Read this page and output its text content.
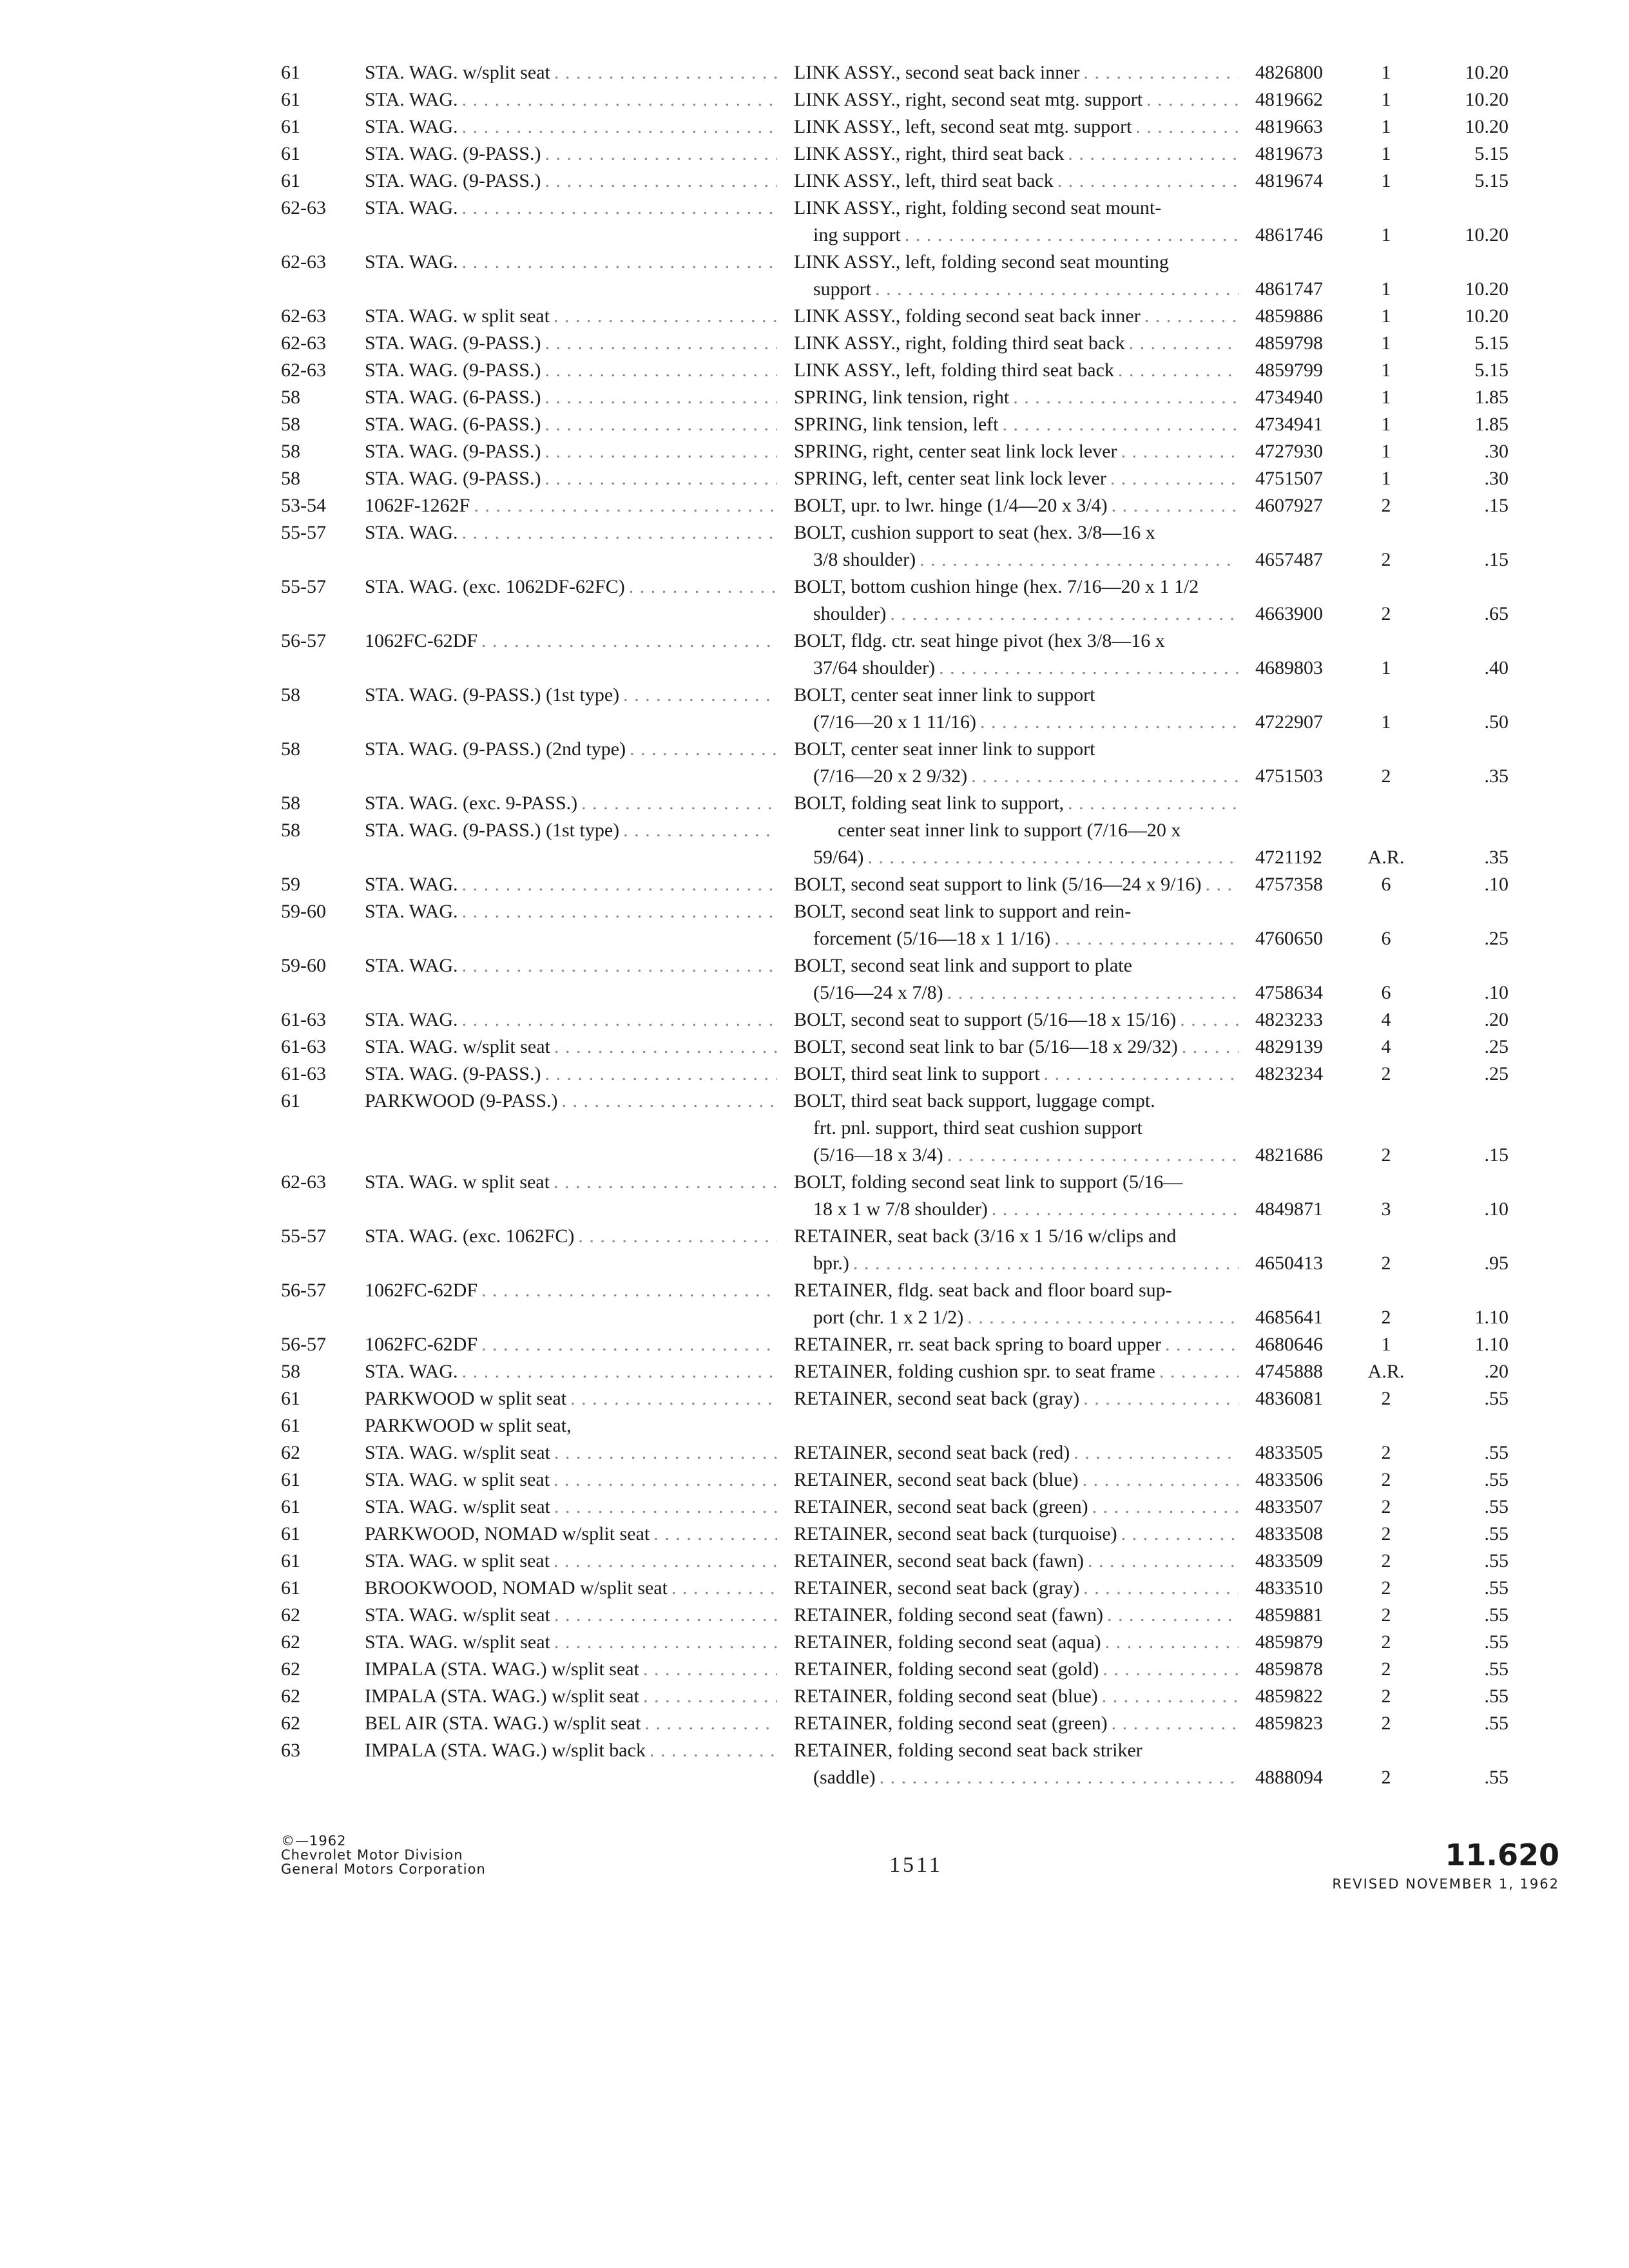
61	STA. WAG. w/split seat . . .	LINK ASSY., second seat back inner . . .	4826800	1	10.20
61	STA. WAG. . . .	LINK ASSY., right, second seat mtg. support . . .	4819662	1	10.20
61	STA. WAG. . . .	LINK ASSY., left, second seat mtg. support . . .	4819663	1	10.20
61	STA. WAG. (9-PASS.) . . .	LINK ASSY., right, third seat back . . .	4819673	1	5.15
61	STA. WAG. (9-PASS.) . . .	LINK ASSY., left, third seat back . . .	4819674	1	5.15
62-63	STA. WAG. . . .	LINK ASSY., right, folding second seat mount-
ing support . . .	4861746	1	10.20
62-63	STA. WAG. . . .	LINK ASSY., left, folding second seat mounting
support . . .	4861747	1	10.20
62-63	STA. WAG. w split seat . . .	LINK ASSY., folding second seat back inner . . .	4859886	1	10.20
62-63	STA. WAG. (9-PASS.) . . .	LINK ASSY., right, folding third seat back . . .	4859798	1	5.15
62-63	STA. WAG. (9-PASS.) . . .	LINK ASSY., left, folding third seat back . . .	4859799	1	5.15
58	STA. WAG. (6-PASS.) . . .	SPRING, link tension, right . . .	4734940	1	1.85
58	STA. WAG. (6-PASS.) . . .	SPRING, link tension, left . . .	4734941	1	1.85
58	STA. WAG. (9-PASS.) . . .	SPRING, right, center seat link lock lever . . .	4727930	1	.30
58	STA. WAG. (9-PASS.) . . .	SPRING, left, center seat link lock lever . . .	4751507	1	.30
53-54	1062F-1262F . . .	BOLT, upr. to lwr. hinge (1/4—20 x 3/4) . . .	4607927	2	.15
55-57	STA. WAG. . . .	BOLT, cushion support to seat (hex. 3/8—16 x
3/8 shoulder) . . .	4657487	2	.15
55-57	STA. WAG. (exc. 1062DF-62FC) . . .	BOLT, bottom cushion hinge (hex. 7/16—20 x 1 1/2
shoulder) . . .	4663900	2	.65
56-57	1062FC-62DF . . .	BOLT, fldg. ctr. seat hinge pivot (hex 3/8—16 x
37/64 shoulder) . . .	4689803	1	.40
58	STA. WAG. (9-PASS.) (1st type) . . .	BOLT, center seat inner link to support
(7/16—20 x 1 11/16) . . .	4722907	1	.50
58	STA. WAG. (9-PASS.) (2nd type) . . .	BOLT, center seat inner link to support
(7/16—20 x 2 9/32) . . .	4751503	2	.35
58	STA. WAG. (exc. 9-PASS.) . . .	BOLT, folding seat link to support,
. . .
58	STA. WAG. (9-PASS.) (1st type) . . .	center seat inner link to support (7/16—20 x
59/64) . . .	4721192	A.R.	.35
59	STA. WAG. . . .	BOLT, second seat support to link (5/16—24 x 9/16) . . .	4757358	6	.10
59-60	STA. WAG. . . .	BOLT, second seat link to support and rein-
forcement (5/16—18 x 1 1/16) . . .	4760650	6	.25
59-60	STA. WAG. . . .	BOLT, second seat link and support to plate
(5/16—24 x 7/8) . . .	4758634	6	.10
61-63	STA. WAG. . . .	BOLT, second seat to support (5/16—18 x 15/16) . . .	4823233	4	.20
61-63	STA. WAG. w/split seat . . .	BOLT, second seat link to bar (5/16—18 x 29/32) . . .	4829139	4	.25
61-63	STA. WAG. (9-PASS.) . . .	BOLT, third seat link to support . . .	4823234	2	.25
61	PARKWOOD (9-PASS.) . . .	BOLT, third seat back support, luggage compt.
frt. pnl. support, third seat cushion support
(5/16—18 x 3/4) . . .	4821686	2	.15
62-63	STA. WAG. w split seat . . .	BOLT, folding second seat link to support (5/16—
18 x 1 w 7/8 shoulder) . . .	4849871	3	.10
55-57	STA. WAG. (exc. 1062FC) . . .	RETAINER, seat back (3/16 x 1 5/16 w/clips and
bpr.) . . .	4650413	2	.95
56-57	1062FC-62DF . . .	RETAINER, fldg. seat back and floor board sup-
port (chr. 1 x 2 1/2) . . .	4685641	2	1.10
56-57	1062FC-62DF . . .	RETAINER, rr. seat back spring to board upper . . .	4680646	1	1.10
58	STA. WAG. . . .	RETAINER, folding cushion spr. to seat frame . . .	4745888	A.R.	.20
61	PARKWOOD w split seat . . .	RETAINER, second seat back (gray) . . .	4836081	2	.55
61	PARKWOOD w split seat,
62	STA. WAG. w/split seat . . .	RETAINER, second seat back (red) . . .	4833505	2	.55
61	STA. WAG. w split seat . . .	RETAINER, second seat back (blue) . . .	4833506	2	.55
61	STA. WAG. w/split seat . . .	RETAINER, second seat back (green) . . .	4833507	2	.55
61	PARKWOOD, NOMAD w/split seat . . .	RETAINER, second seat back (turquoise) . . .	4833508	2	.55
61	STA. WAG. w split seat . . .	RETAINER, second seat back (fawn) . . .	4833509	2	.55
61	BROOKWOOD, NOMAD w/split seat . . .	RETAINER, second seat back (gray) . . .	4833510	2	.55
62	STA. WAG. w/split seat . . .	RETAINER, folding second seat (fawn) . . .	4859881	2	.55
62	STA. WAG. w/split seat . . .	RETAINER, folding second seat (aqua) . . .	4859879	2	.55
62	IMPALA (STA. WAG.) w/split seat . . .	RETAINER, folding second seat (gold) . . .	4859878	2	.55
62	IMPALA (STA. WAG.) w/split seat . . .	RETAINER, folding second seat (blue) . . .	4859822	2	.55
62	BEL AIR (STA. WAG.) w/split seat . . .	RETAINER, folding second seat (green) . . .	4859823	2	.55
63	IMPALA (STA. WAG.) w/split back . . .	RETAINER, folding second seat back striker
(saddle) . . .	4888094	2	.55
©—1962
Chevrolet Motor Division
General Motors Corporation	1511	11.620
REVISED NOVEMBER 1, 1962
